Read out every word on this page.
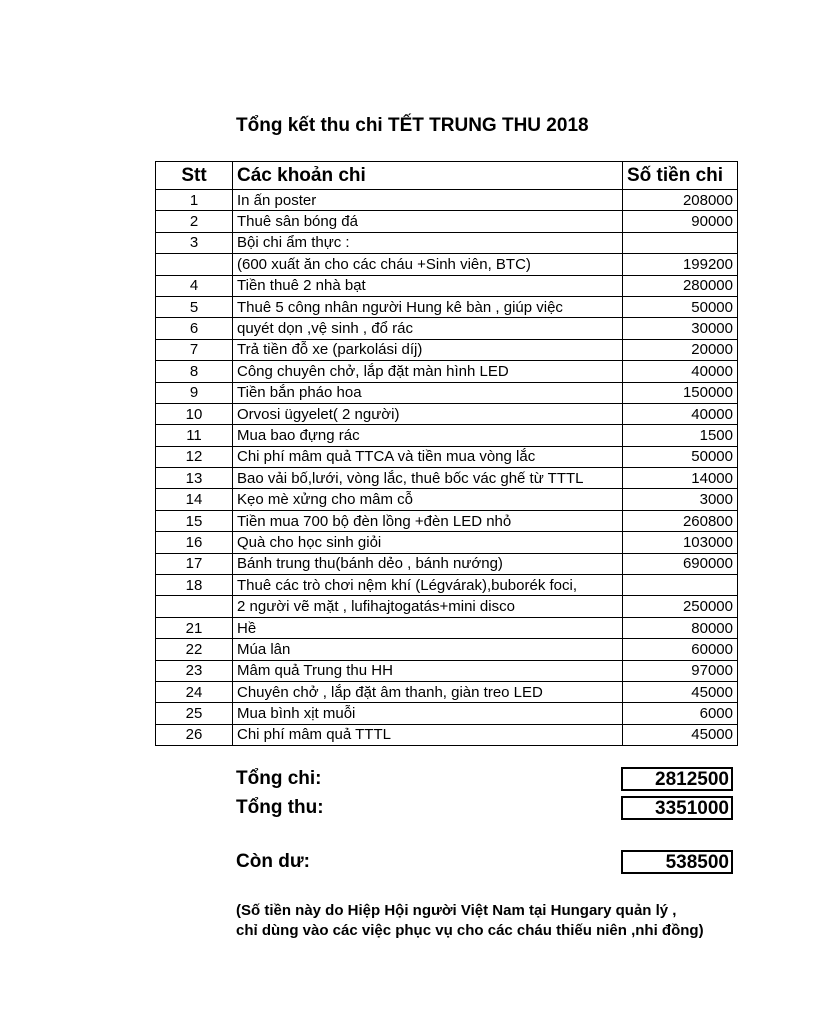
Tổng kết thu chi TẾT TRUNG THU 2018
Stt	Các khoản chi	Số tiền chi
1	In ấn poster	208000
2	Thuê sân bóng đá	90000
3	Bội chi ẩm thực :	
	(600 xuất ăn cho các cháu +Sinh viên, BTC)	199200
4	Tiền thuê 2 nhà bạt	280000
5	Thuê 5 công nhân người Hung kê bàn , giúp việc	50000
6	quyét dọn ,vệ sinh , đổ rác	30000
7	Trả tiền đỗ xe (parkolási díj)	20000
8	Công chuyên chở, lắp đặt màn hình LED	40000
9	Tiền bắn pháo hoa	150000
10	Orvosi ügyelet( 2 người)	40000
11	Mua bao đựng rác	1500
12	Chi phí mâm quả TTCA và tiền mua vòng lắc	50000
13	Bao vải bố,lưới, vòng lắc, thuê bốc vác ghế từ TTTL	14000
14	Kẹo mè xửng cho mâm cỗ	3000
15	Tiền mua 700 bộ đèn lồng +đèn LED nhỏ	260800
16	Quà cho học sinh giỏi	103000
17	Bánh trung thu(bánh dẻo , bánh nướng)	690000
18	Thuê các trò chơi nệm khí (Légvárak),buborék foci,	
	2 người vẽ mặt , lufihajtogatás+mini disco	250000
21	Hề	80000
22	Múa lân	60000
23	Mâm quả Trung thu HH	97000
24	Chuyên chở , lắp đặt âm thanh, giàn treo LED	45000
25	Mua bình xịt muỗi	6000
26	Chi phí mâm quả TTTL	45000
Tổng chi:	2812500
Tổng thu:	3351000
Còn dư:	538500
(Số tiền này do Hiệp Hội người Việt Nam tại Hungary quản lý ,
chỉ dùng vào các việc phục vụ cho các cháu thiếu niên ,nhi đồng)
